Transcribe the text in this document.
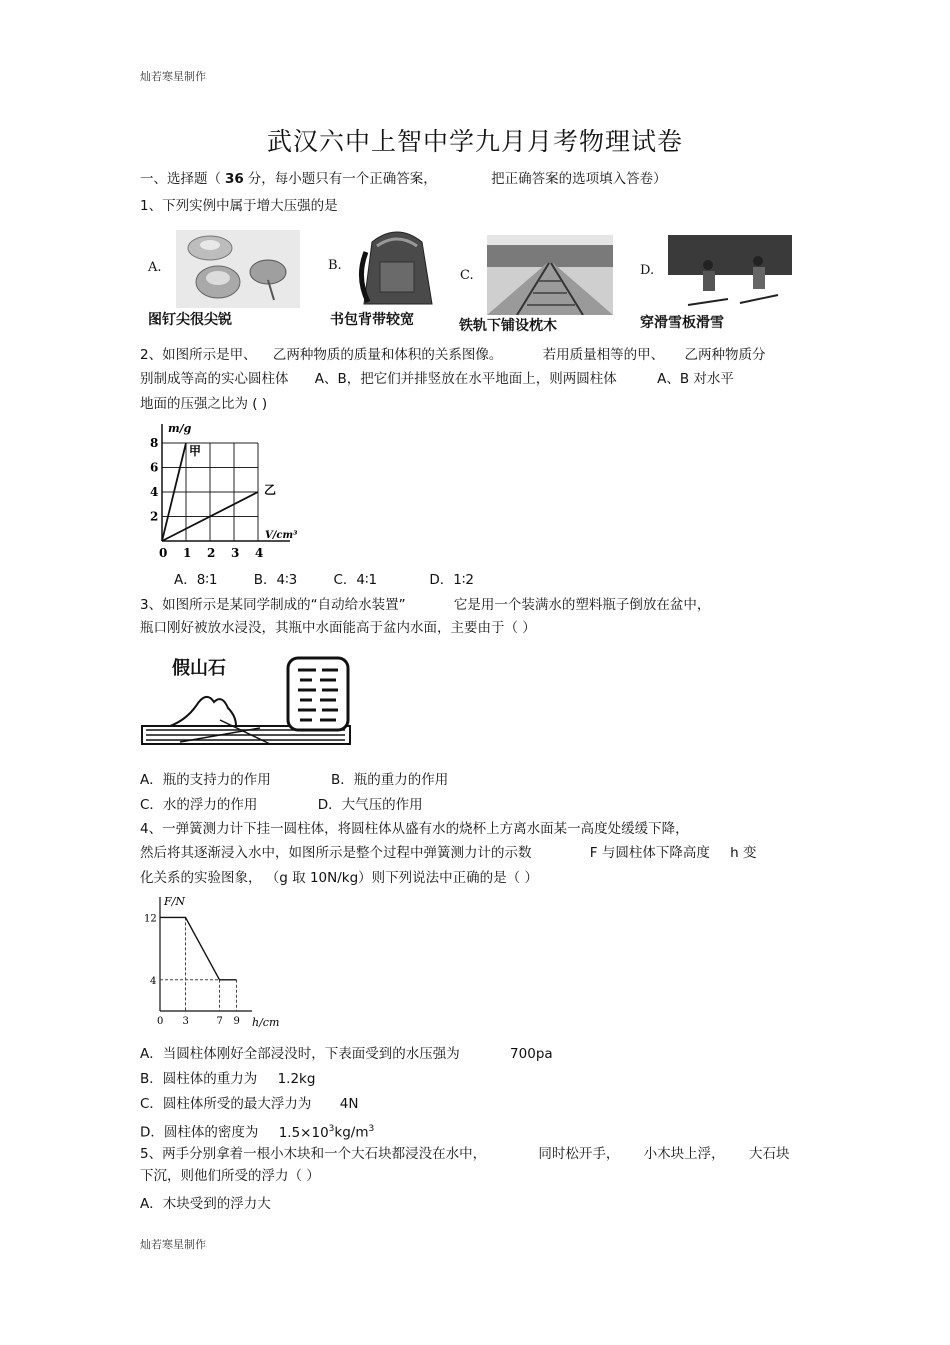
灿若寒星制作
武汉六中上智中学九月月考物理试卷
一、选择题（ 36 分，每小题只有一个正确答案，	把正确答案的选项填入答卷）
1、下列实例中属于增大压强的是
A.
图钉尖很尖锐
B.
书包背带较宽
C.
铁轨下铺设枕木
D.
穿滑雪板滑雪
2、如图所示是甲、 乙两种物质的质量和体积的关系图像。	若用质量相等的甲、 乙两种物质分
别制成等高的实心圆柱体 A、B，把它们并排竖放在水平地面上，则两圆柱体	A、B 对水平
地面的压强之比为 ( )
0 1 2 3 4
2
4
6
8
甲
乙
m/g
V/cm³
A．8∶1	B．4∶3	C．4∶1	D．1∶2
3、如图所示是某同学制成的“自动给水装置”	它是用一个装满水的塑料瓶子倒放在盆中，
瓶口刚好被放水浸没，其瓶中水面能高于盆内水面，主要由于（ ）
假山石
A．瓶的支持力的作用	B．瓶的重力的作用
C．水的浮力的作用	D．大气压的作用
4、一弹簧测力计下挂一圆柱体，将圆柱体从盛有水的烧杯上方离水面某一高度处缓缓下降，
然后将其逐渐浸入水中，如图所示是整个过程中弹簧测力计的示数	F 与圆柱体下降高度 h 变
化关系的实验图象， （g 取 10N/kg）则下列说法中正确的是（ ）
0 3	7 9
4
12
F/N
h/cm
A．当圆柱体刚好全部浸没时，下表面受到的水压强为	700pa
B．圆柱体的重力为 1.2kg
C．圆柱体所受的最大浮力为 4N
D．圆柱体的密度为 $1.5\times 10^3kg/m^3$
5、两手分别拿着一根小木块和一个大石块都浸没在水中，	同时松开手， 小木块上浮， 大石块
下沉，则他们所受的浮力（ ）
A．木块受到的浮力大
灿若寒星制作
